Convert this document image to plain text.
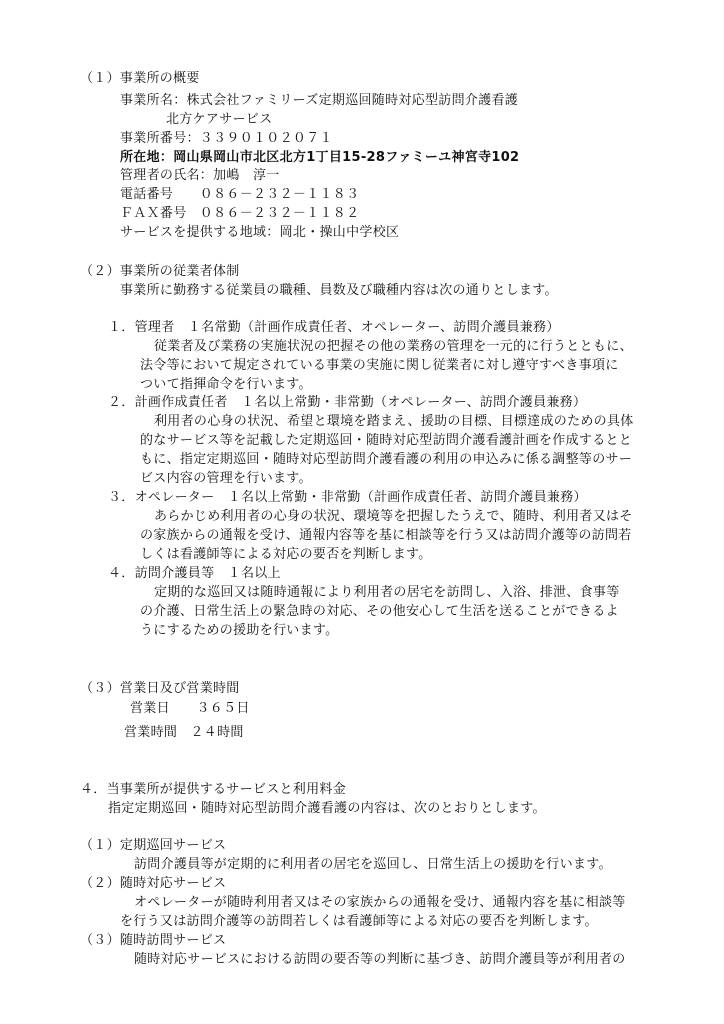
（１）事業所の概要
事業所名：株式会社ファミリーズ定期巡回随時対応型訪問介護看護
北方ケアサービス
事業所番号：３３９０１０２０７１
所在地：岡山県岡山市北区北方1丁目15-28ファミーユ神宮寺102
管理者の氏名：加嶋　淳一
電話番号　　０８６－２３２－１１８３
ＦＡＸ番号　０８６－２３２－１１８２
サービスを提供する地域：岡北・操山中学校区
（２）事業所の従業者体制
事業所に勤務する従業員の職種、員数及び職種内容は次の通りとします。
１．管理者　１名常勤（計画作成責任者、オペレーター、訪問介護員兼務）
従業者及び業務の実施状況の把握その他の業務の管理を一元的に行うとともに、
法令等において規定されている事業の実施に関し従業者に対し遵守すべき事項に
ついて指揮命令を行います。
２．計画作成責任者　１名以上常勤・非常勤（オペレーター、訪問介護員兼務）
利用者の心身の状況、希望と環境を踏まえ、援助の目標、目標達成のための具体
的なサービス等を記載した定期巡回・随時対応型訪問介護看護計画を作成するとと
もに、指定定期巡回・随時対応型訪問介護看護の利用の申込みに係る調整等のサー
ビス内容の管理を行います。
３．オペレーター　１名以上常勤・非常勤（計画作成責任者、訪問介護員兼務）
あらかじめ利用者の心身の状況、環境等を把握したうえで、随時、利用者又はそ
の家族からの通報を受け、通報内容等を基に相談等を行う又は訪問介護等の訪問若
しくは看護師等による対応の要否を判断します。
４．訪問介護員等　１名以上
定期的な巡回又は随時通報により利用者の居宅を訪問し、入浴、排泄、食事等
の介護、日常生活上の緊急時の対応、その他安心して生活を送ることができるよ
うにするための援助を行います。
（３）営業日及び営業時間
営業日　　３６５日
営業時間　２４時間
４．当事業所が提供するサービスと利用料金
指定定期巡回・随時対応型訪問介護看護の内容は、次のとおりとします。
（１）定期巡回サービス
訪問介護員等が定期的に利用者の居宅を巡回し、日常生活上の援助を行います。
（２）随時対応サービス
オペレーターが随時利用者又はその家族からの通報を受け、通報内容を基に相談等
を行う又は訪問介護等の訪問若しくは看護師等による対応の要否を判断します。
（３）随時訪問サービス
随時対応サービスにおける訪問の要否等の判断に基づき、訪問介護員等が利用者の
